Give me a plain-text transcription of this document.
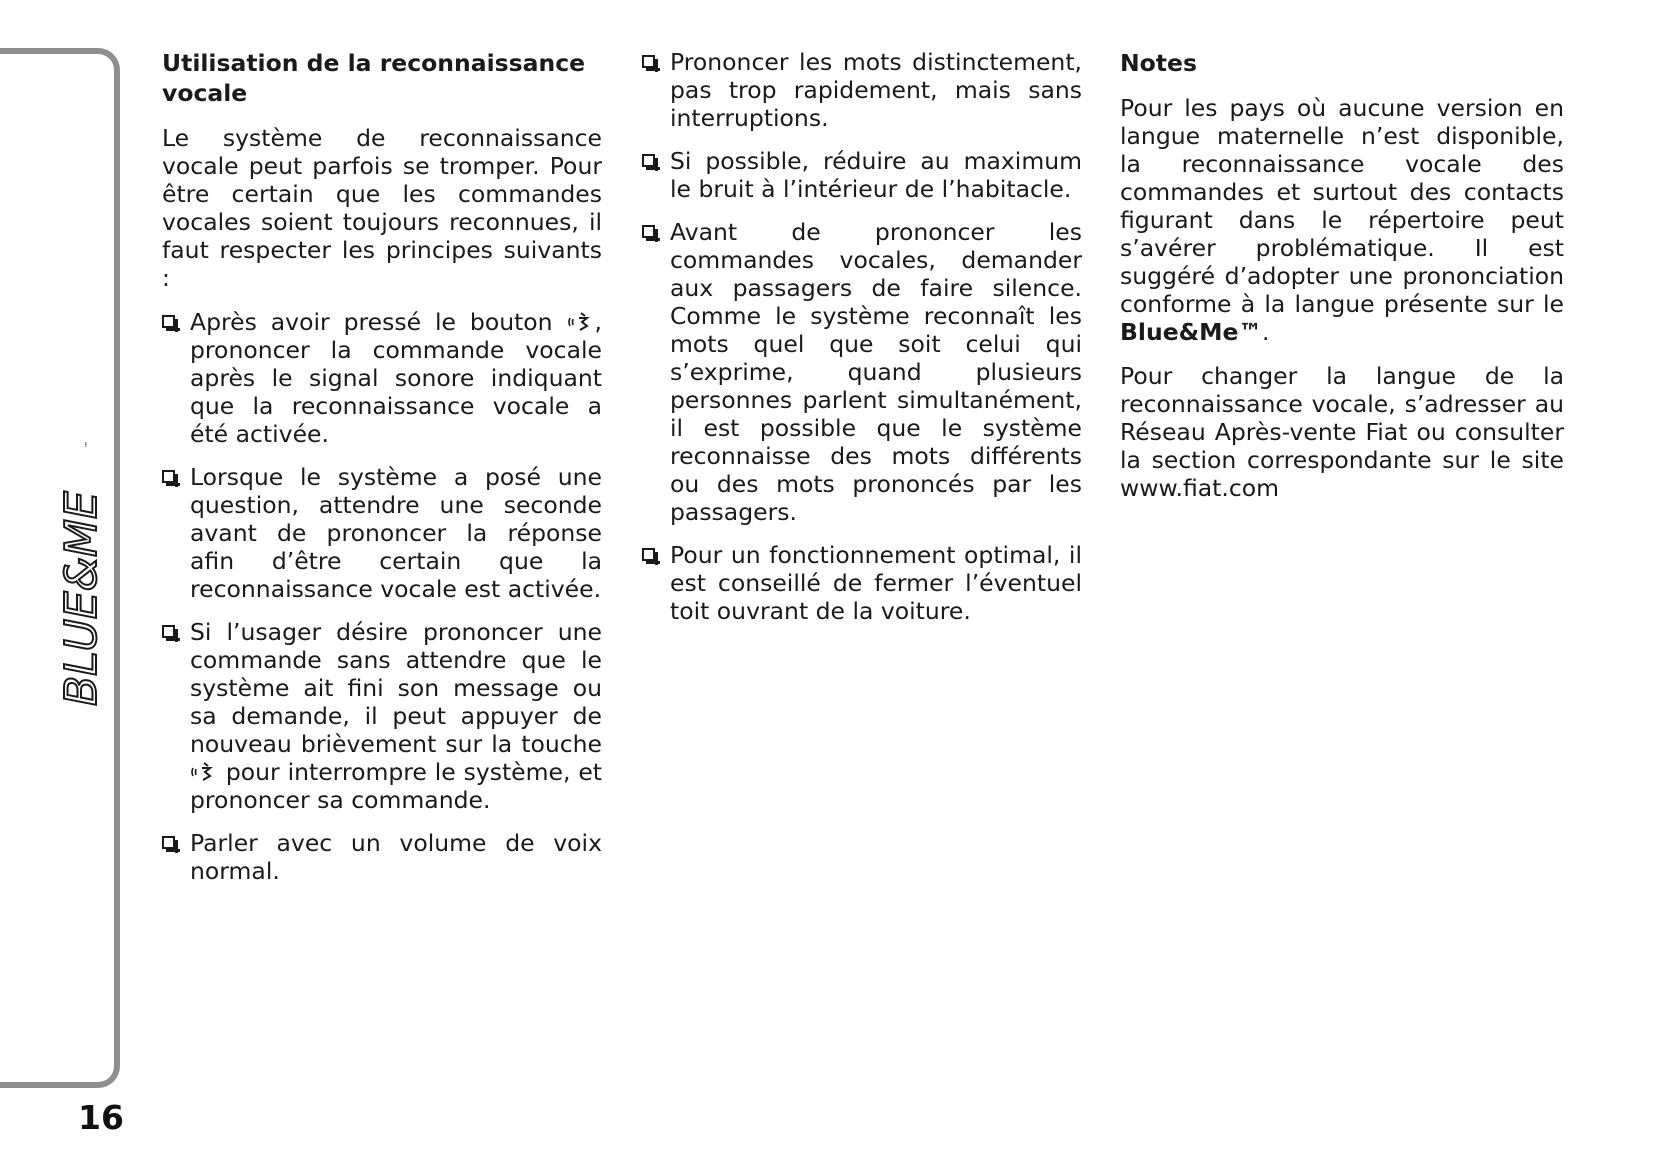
BLUE&ME
™
16
Utilisation de la reconnaissance vocale

Le système de reconnaissance vocale peut parfois se tromper. Pour être certain que les commandes vocales soient toujours reconnues, il faut respecter les principes suivants :

Après avoir pressé le bouton , prononcer la commande vocale après le signal sonore indiquant que la reconnaissance vocale a été activée.
Lorsque le système a posé une question, attendre une seconde avant de prononcer la réponse afin d’être certain que la reconnaissance vocale est activée.
Si l’usager désire prononcer une commande sans attendre que le système ait fini son message ou sa demande, il peut appuyer de nouveau brièvement sur la touche  pour interrompre le système, et prononcer sa commande.
Parler avec un volume de voix normal.
Prononcer les mots distinctement, pas trop rapidement, mais sans interruptions.
Si possible, réduire au maximum le bruit à l’intérieur de l’habitacle.
Avant de prononcer les commandes vocales, demander aux passagers de faire silence. Comme le système reconnaît les mots quel que soit celui qui s’exprime, quand plusieurs personnes parlent simultanément, il est possible que le système reconnaisse des mots différents ou des mots prononcés par les passagers.
Pour un fonctionnement optimal, il est conseillé de fermer l’éventuel toit ouvrant de la voiture.
Notes

Pour les pays où aucune version en langue maternelle n’est disponible, la reconnaissance vocale des commandes et surtout des contacts figurant dans le répertoire peut s’avérer problématique. Il est suggéré d’adopter une prononciation conforme à la langue présente sur le Blue&Me™.

Pour changer la langue de la reconnaissance vocale, s’adresser au Réseau Après-vente Fiat ou consulter la section correspondante sur le site www.fiat.com
